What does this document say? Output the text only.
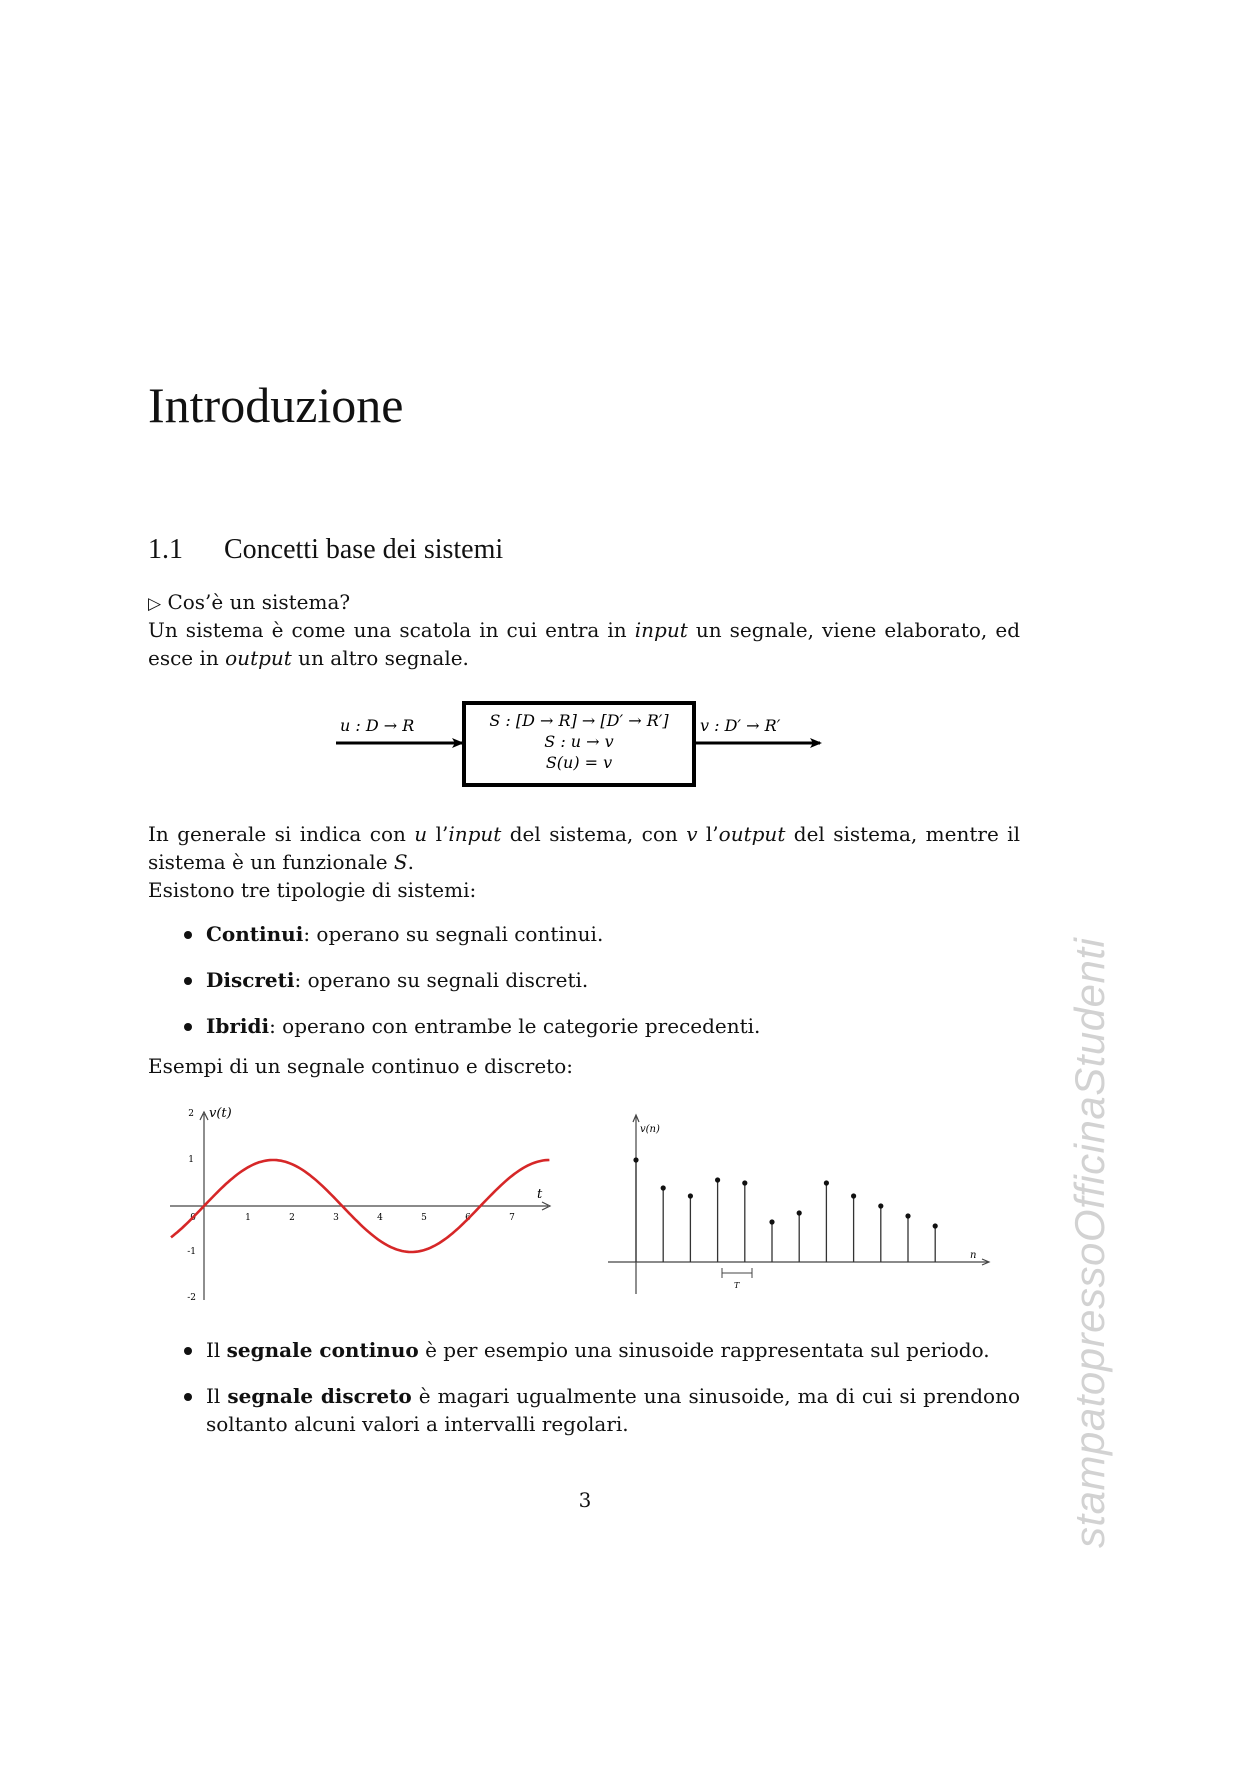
Introduzione
1.1 Concetti base dei sistemi
▷ Cos’è un sistema?
Un sistema è come una scatola in cui entra in input un segnale, viene elaborato, ed esce in output un altro segnale.
u : D → R	S : [D → R] → [D′ → R′]
S : u → v
S(u) = v
v : D′ → R′
In generale si indica con u l’input del sistema, con v l’output del sistema, mentre il sistema è un funzionale S.
Esistono tre tipologie di sistemi:
Continui: operano su segnali continui.
Discreti: operano su segnali discreti.
Ibridi: operano con entrambe le categorie precedenti.
Esempi di un segnale continuo e discreto:
v(t)
t
2
1
-1
-2
0	1	2	3	4	5	6	7
v(n)
n
T
Il segnale continuo è per esempio una sinusoide rappresentata sul periodo.
Il segnale discreto è magari ugualmente una sinusoide, ma di cui si prendono soltanto alcuni valori a intervalli regolari.
3	stampatopressoOfficinaStudenti
